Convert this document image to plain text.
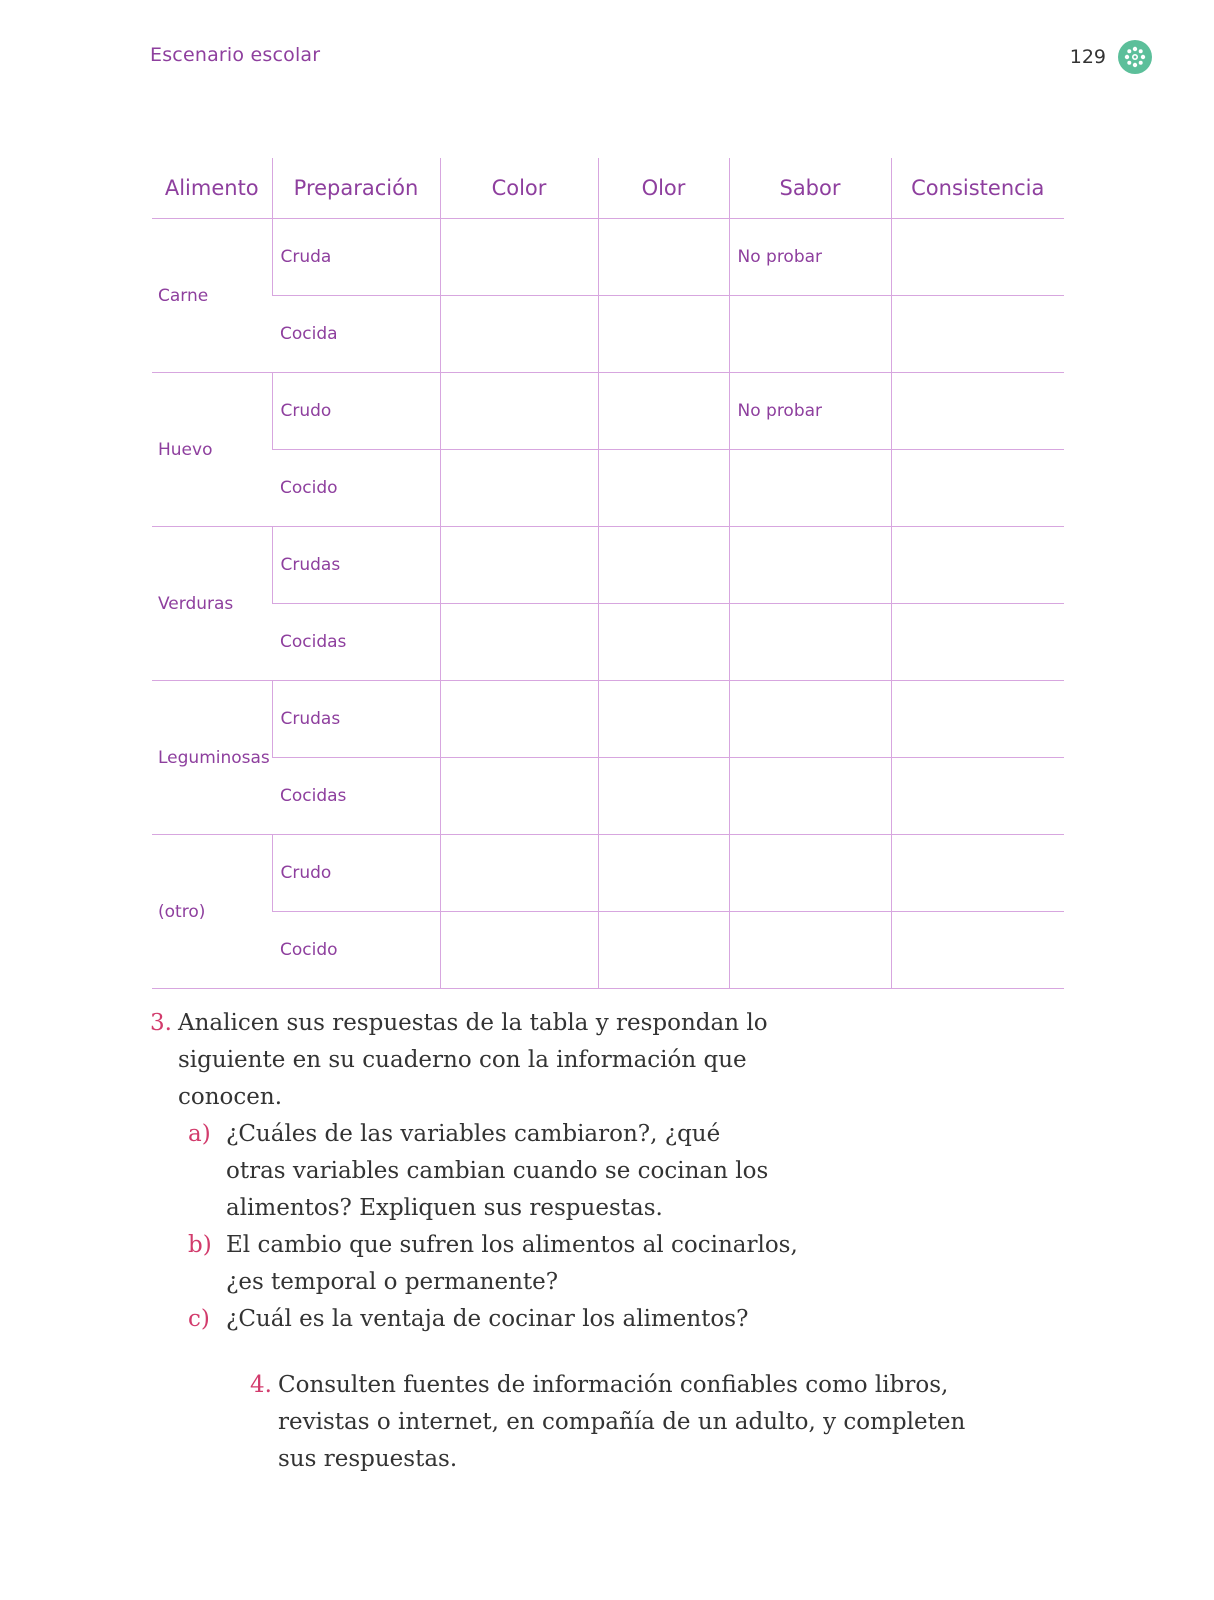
Escenario escolar	129
Alimento	Preparación	Color	Olor	Sabor	Consistencia
Carne	Cruda			No probar	
	Cocida				
Huevo	Crudo			No probar	
	Cocido				
Verduras	Crudas				
	Cocidas				
Leguminosas	Crudas				
	Cocidas				
(otro)	Crudo				
	Cocido				
3. Analicen sus respuestas de la tabla y respondan lo
siguiente en su cuaderno con la información que
conocen.
a) ¿Cuáles de las variables cambiaron?, ¿qué
otras variables cambian cuando se cocinan los
alimentos? Expliquen sus respuestas.
b) El cambio que sufren los alimentos al cocinarlos,
¿es temporal o permanente?
c) ¿Cuál es la ventaja de cocinar los alimentos?
4. Consulten fuentes de información confiables como libros,
revistas o internet, en compañía de un adulto, y completen
sus respuestas.
